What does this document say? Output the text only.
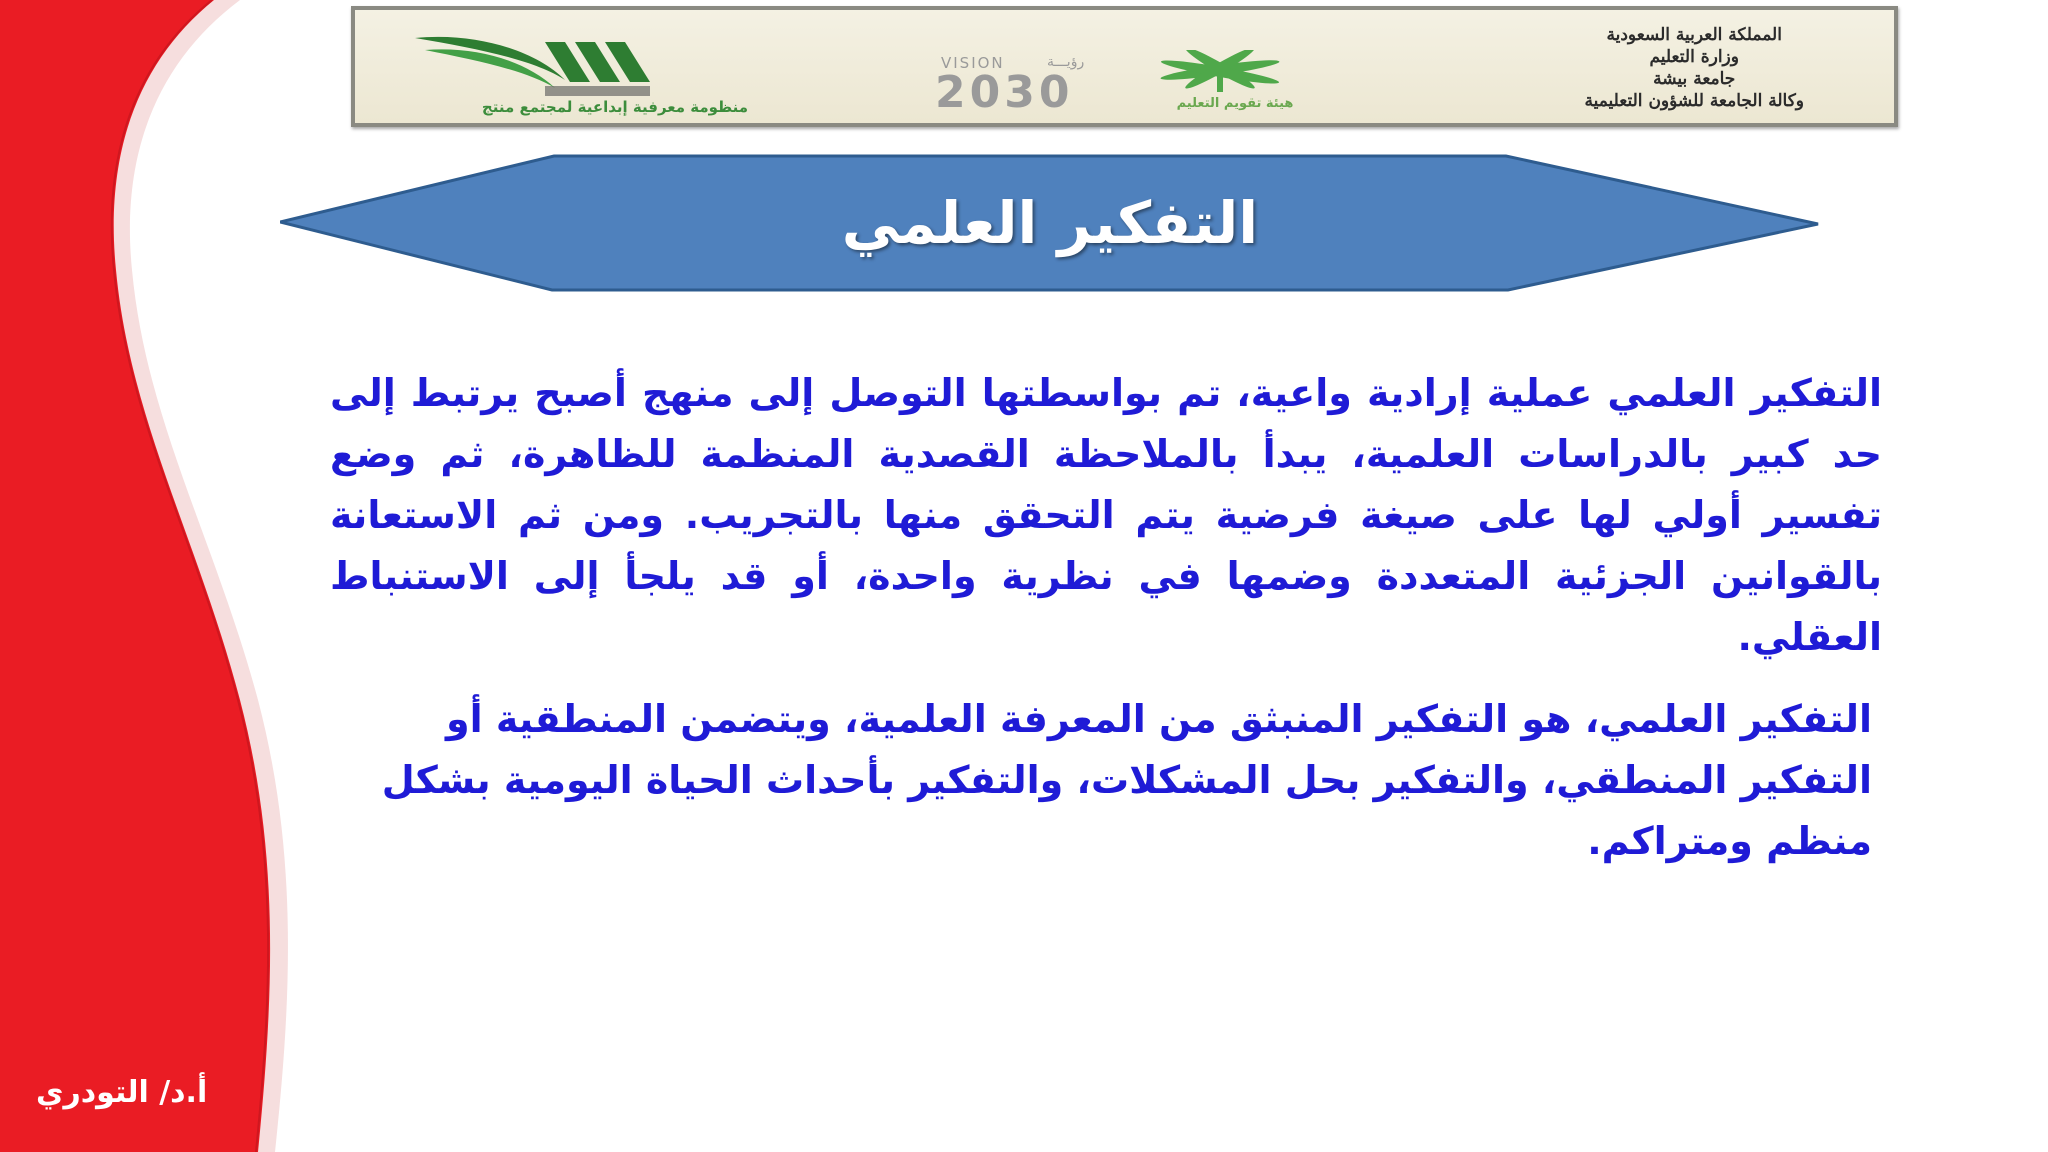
المملكة العربية السعودية
وزارة التعليم
جامعة بيشة
وكالة الجامعة للشؤون التعليمية
هيئة تقويم التعليم
VISION	رؤيـــة
2030
منظومة معرفية إبداعية لمجتمع منتج
التفكير العلمي

التفكير العلمي عملية إرادية واعية، تم بواسطتها التوصل إلى منهج أصبح يرتبط إلى حد كبير بالدراسات العلمية، يبدأ بالملاحظة القصدية المنظمة للظاهرة، ثم وضع تفسير أولي لها على صيغة فرضية يتم التحقق منها بالتجريب. ومن ثم الاستعانة بالقوانين الجزئية المتعددة وضمها في نظرية واحدة، أو قد يلجأ إلى الاستنباط العقلي.

التفكير العلمي، هو التفكير المنبثق من المعرفة العلمية، ويتضمن المنطقية أو التفكير المنطقي، والتفكير بحل المشكلات، والتفكير بأحداث الحياة اليومية بشكل منظم ومتراكم.

أ.د/ التودري
